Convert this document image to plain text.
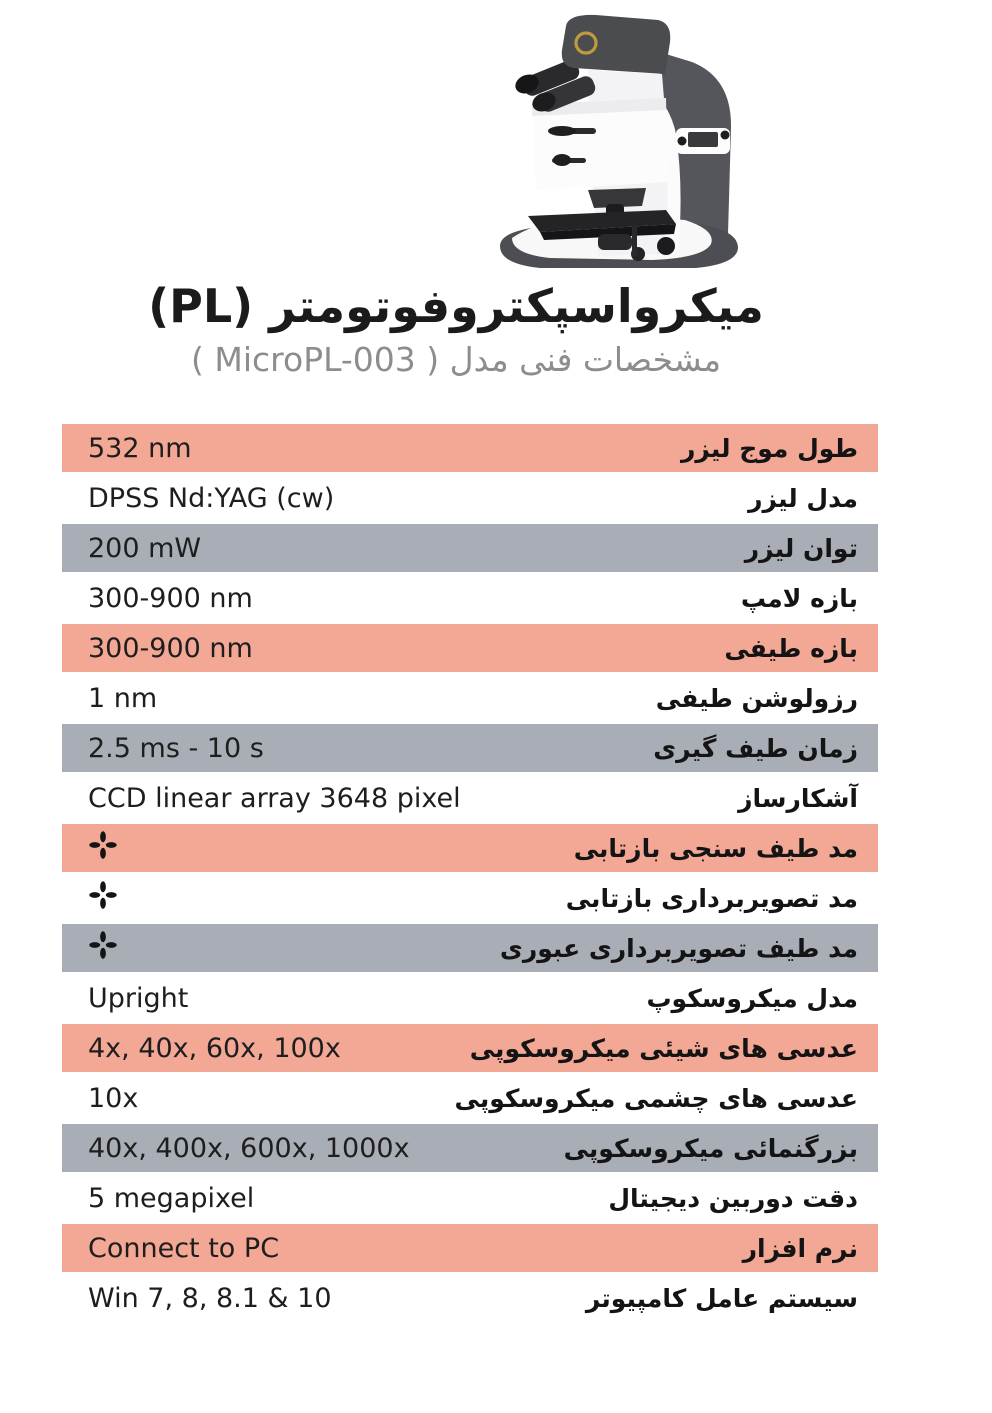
میکرواسپکتروفوتومتر (PL)
مشخصات فنی مدل ( MicroPL-003 )
532 nm	طول موج لیزر
DPSS Nd:YAG (cw)	مدل لیزر
200 mW	توان لیزر
300-900 nm	بازه لامپ
300-900 nm	بازه طیفی
1 nm	رزولوشن طیفی
2.5 ms - 10 s	زمان طیف گیری
CCD linear array 3648 pixel	آشکارساز
مد طیف سنجی بازتابی
مد تصویربرداری بازتابی
مد طیف تصویربرداری عبوری
Upright	مدل میکروسکوپ
4x, 40x, 60x, 100x	عدسی های شیئی میکروسکوپی
10x	عدسی های چشمی میکروسکوپی
40x, 400x, 600x, 1000x	بزرگنمائی میکروسکوپی
5 megapixel	دقت دوربین دیجیتال
Connect to PC	نرم افزار
Win 7, 8, 8.1 & 10	سیستم عامل کامپیوتر
